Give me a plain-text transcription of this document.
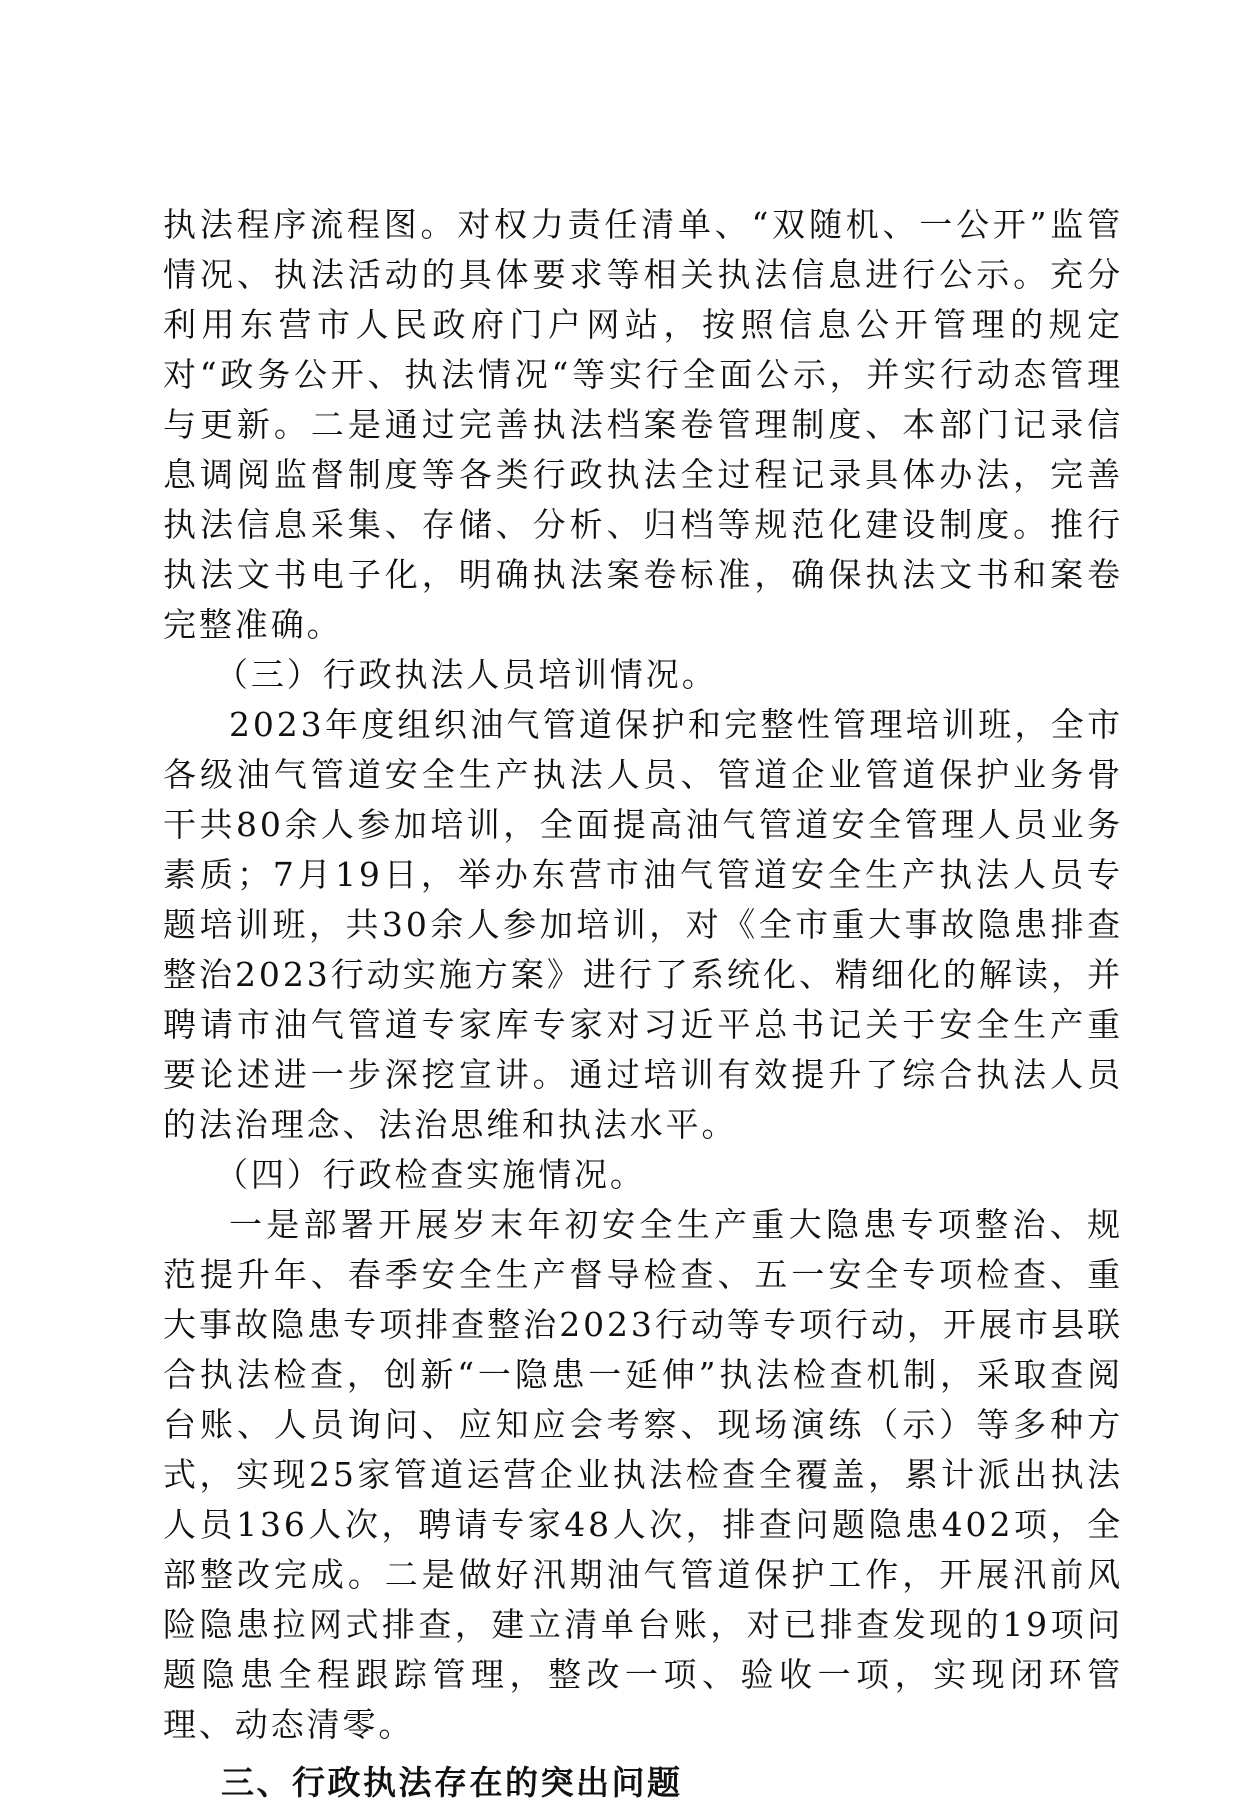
执法程序流程图。对权力责任清单、“双随机、一公开”监管情况、执法活动的具体要求等相关执法信息进行公示。充分利用东营市人民政府门户网站，按照信息公开管理的规定对“政务公开、执法情况“等实行全面公示，并实行动态管理与更新。二是通过完善执法档案卷管理制度、本部门记录信息调阅监督制度等各类行政执法全过程记录具体办法，完善执法信息采集、存储、分析、归档等规范化建设制度。推行执法文书电子化，明确执法案卷标准，确保执法文书和案卷完整准确。

（三）行政执法人员培训情况。

2023年度组织油气管道保护和完整性管理培训班，全市各级油气管道安全生产执法人员、管道企业管道保护业务骨干共80余人参加培训，全面提高油气管道安全管理人员业务素质；7月19日，举办东营市油气管道安全生产执法人员专题培训班，共30余人参加培训，对《全市重大事故隐患排查整治2023行动实施方案》进行了系统化、精细化的解读，并聘请市油气管道专家库专家对习近平总书记关于安全生产重要论述进一步深挖宣讲。通过培训有效提升了综合执法人员的法治理念、法治思维和执法水平。

（四）行政检查实施情况。

一是部署开展岁末年初安全生产重大隐患专项整治、规范提升年、春季安全生产督导检查、五一安全专项检查、重大事故隐患专项排查整治2023行动等专项行动，开展市县联合执法检查，创新“一隐患一延伸”执法检查机制，采取查阅台账、人员询问、应知应会考察、现场演练（示）等多种方式，实现25家管道运营企业执法检查全覆盖，累计派出执法人员136人次，聘请专家48人次，排查问题隐患402项，全部整改完成。二是做好汛期油气管道保护工作，开展汛前风险隐患拉网式排查，建立清单台账，对已排查发现的19项问题隐患全程跟踪管理，整改一项、验收一项，实现闭环管理、动态清零。

三、行政执法存在的突出问题
